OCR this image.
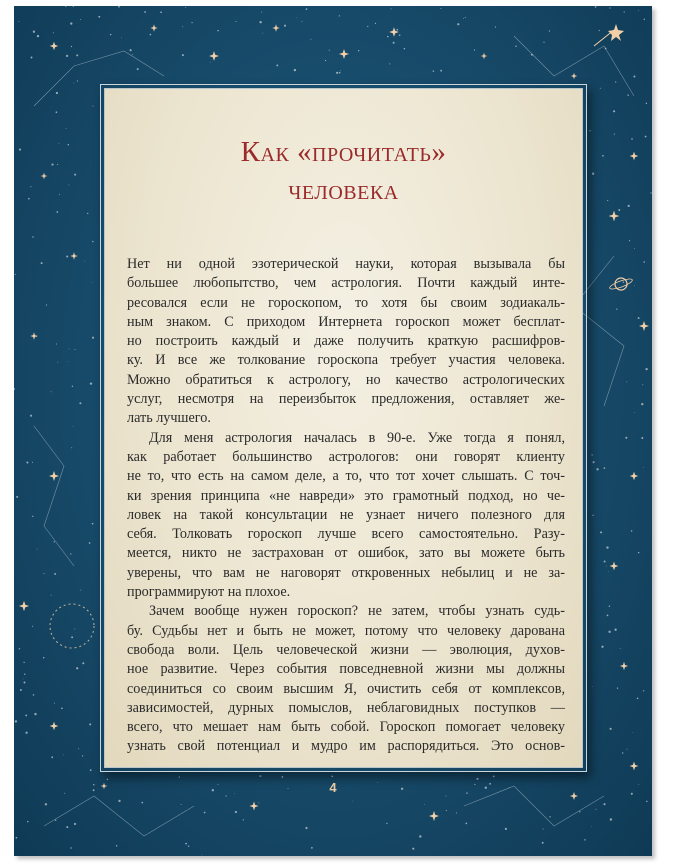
Как «прочитать»
человека
Нет ни одной эзотерической науки, которая вызывала бы
большее любопытство, чем астрология. Почти каждый инте-
ресовался если не гороскопом, то хотя бы своим зодиакаль-
ным знаком. С приходом Интернета гороскоп может бесплат-
но построить каждый и даже получить краткую расшифров-
ку. И все же толкование гороскопа требует участия человека.
Можно обратиться к астрологу, но качество астрологических
услуг, несмотря на переизбыток предложения, оставляет же-
лать лучшего.
Для меня астрология началась в 90-е. Уже тогда я понял,
как работает большинство астрологов: они говорят клиенту
не то, что есть на самом деле, а то, что тот хочет слышать. С точ-
ки зрения принципа «не навреди» это грамотный подход, но че-
ловек на такой консультации не узнает ничего полезного для
себя. Толковать гороскоп лучше всего самостоятельно. Разу-
меется, никто не застрахован от ошибок, зато вы можете быть
уверены, что вам не наговорят откровенных небылиц и не за-
программируют на плохое.
Зачем вообще нужен гороскоп? не затем, чтобы узнать судь-
бу. Судьбы нет и быть не может, потому что человеку дарована
свобода воли. Цель человеческой жизни — эволюция, духов-
ное развитие. Через события повседневной жизни мы должны
соединиться со своим высшим Я, очистить себя от комплексов,
зависимостей, дурных помыслов, неблаговидных поступков —
всего, что мешает нам быть собой. Гороскоп помогает человеку
узнать свой потенциал и мудро им распорядиться. Это основ-
4
